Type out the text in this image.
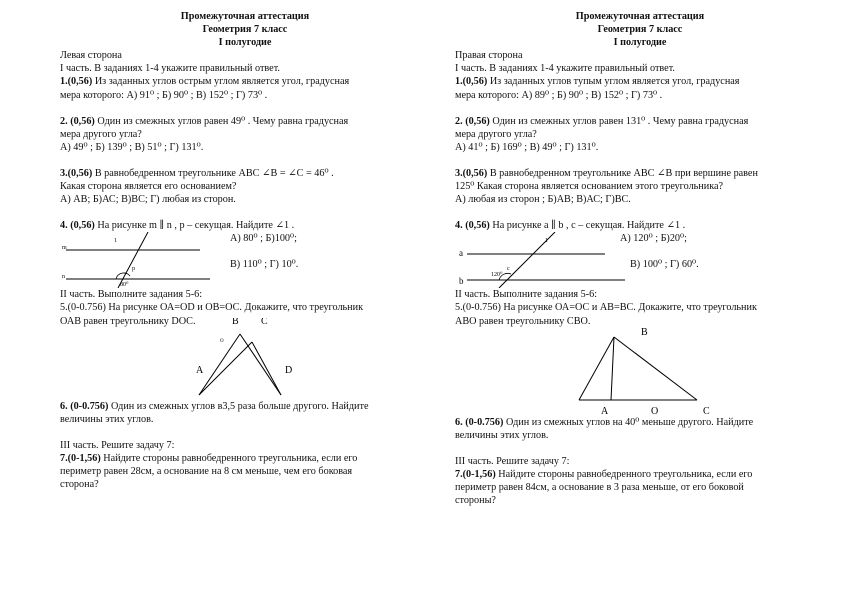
Промежуточная аттестация
Геометрия 7 класс
I полугодие
Левая сторона
I часть. В заданиях 1-4 укажите правильный ответ.
1.(0,56) Из заданных углов острым углом является угол, градусная
мера которого: А) 91⁰ ; Б) 90⁰ ; В) 152⁰ ; Г) 73⁰ .
2. (0,56) Один из смежных углов равен 49⁰ . Чему равна градусная
мера другого угла?
А) 49⁰ ; Б) 139⁰ ; В) 51⁰ ; Г) 131⁰.
3.(0,56) В равнобедренном треугольнике АВС ∠B = ∠C = 46⁰ .
Какая сторона является его основанием?
А) АВ; Б)АС; В)ВС; Г) любая из сторон.
4. (0,56) На рисунке m ∥ n , p – секущая. Найдите ∠1 .
m
n
1
80⁰
p
А) 80⁰ ; Б)100⁰;
В) 110⁰ ; Г) 10⁰.
II часть. Выполните задания 5-6:
5.(0-0.756) На рисунке ОА=OD и OB=ОС. Докажите, что треугольник
ОАВ равен треугольнику DOC.	В С
А	D
О
6. (0-0.756) Один из смежных углов в3,5 раза больше другого. Найдите
величины этих углов.
III часть. Решите задачу 7:
7.(0-1,56) Найдите стороны равнобедренного треугольника, если его
периметр равен 28см, а основание на 8 см меньше, чем его боковая
сторона?
Промежуточная аттестация
Геометрия 7 класс
I полугодие
Правая сторона
I часть. В заданиях 1-4 укажите правильный ответ.
1.(0,56) Из заданных углов тупым углом является угол, градусная
мера которого: А) 89⁰ ; Б) 90⁰ ; В) 152⁰ ; Г) 73⁰ .
2. (0,56) Один из смежных углов равен 131⁰ . Чему равна градусная
мера другого угла?
А) 41⁰ ; Б) 169⁰ ; В) 49⁰ ; Г) 131⁰.
3.(0,56) В равнобедренном треугольнике АВС ∠B при вершине равен
125⁰ Какая сторона является основанием этого треугольника?
А) любая из сторон ; Б)АВ; В)АС; Г)ВС.
4. (0,56) На рисунке a ∥ b , c – секущая. Найдите ∠1 .
a
b
1
120⁰
c
А) 120⁰ ; Б)20⁰;
В) 100⁰ ; Г) 60⁰.
II часть. Выполните задания 5-6:
5.(0-0.756) На рисунке ОА=ОС и АВ=ВС. Докажите, что треугольник
АВО равен треугольнику СВО.
В
А	О	С
6. (0-0.756) Один из смежных углов на 40⁰ меньше другого. Найдите
величины этих углов.
III часть. Решите задачу 7:
7.(0-1,56) Найдите стороны равнобедренного треугольника, если его
периметр равен 84см, а основание в 3 раза меньше, от его боковой
стороны?
